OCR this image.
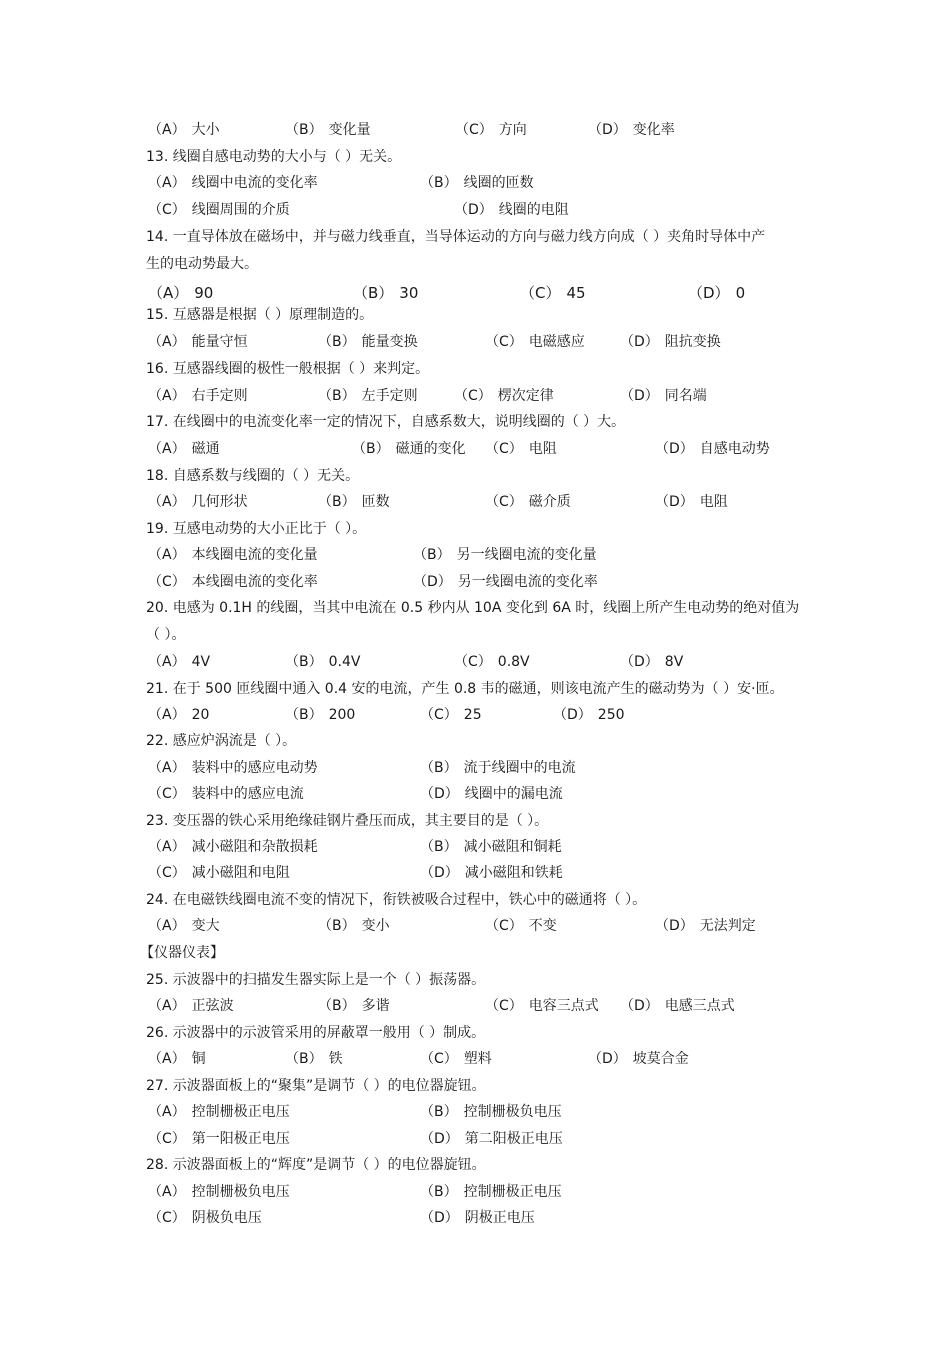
（A） 大小	（B） 变化量	（C） 方向	（D） 变化率
13. 线圈自感电动势的大小与（ ）无关。
（A） 线圈中电流的变化率	（B） 线圈的匝数
（C） 线圈周围的介质	（D） 线圈的电阻
14. 一直导体放在磁场中，并与磁力线垂直，当导体运动的方向与磁力线方向成（ ）夹角时导体中产
生的电动势最大。
（A） 90	（B） 30	（C） 45	（D） 0
15. 互感器是根据（ ）原理制造的。
（A） 能量守恒	（B） 能量变换	（C） 电磁感应	（D） 阻抗变换
16. 互感器线圈的极性一般根据（ ）来判定。
（A） 右手定则	（B） 左手定则	（C） 楞次定律	（D） 同名端
17. 在线圈中的电流变化率一定的情况下，自感系数大，说明线圈的（ ）大。
（A） 磁通	（B） 磁通的变化 （C） 电阻	（D） 自感电动势
18. 自感系数与线圈的（ ）无关。
（A） 几何形状	（B） 匝数	（C） 磁介质	（D） 电阻
19. 互感电动势的大小正比于（ ）。
（A） 本线圈电流的变化量	（B） 另一线圈电流的变化量
（C） 本线圈电流的变化率	（D） 另一线圈电流的变化率
20. 电感为 0.1H 的线圈，当其中电流在 0.5 秒内从 10A 变化到 6A 时，线圈上所产生电动势的绝对值为
（ ）。
（A） 4V	（B） 0.4V	（C） 0.8V	（D） 8V
21. 在于 500 匝线圈中通入 0.4 安的电流，产生 0.8 韦的磁通，则该电流产生的磁动势为（ ）安·匝。
（A） 20	（B） 200	（C） 25	（D） 250
22. 感应炉涡流是（ ）。
（A） 装料中的感应电动势	（B） 流于线圈中的电流
（C） 装料中的感应电流	（D） 线圈中的漏电流
23. 变压器的铁心采用绝缘硅钢片叠压而成，其主要目的是（ ）。
（A） 减小磁阻和杂散损耗	（B） 减小磁阻和铜耗
（C） 减小磁阻和电阻	（D） 减小磁阻和铁耗
24. 在电磁铁线圈电流不变的情况下，衔铁被吸合过程中，铁心中的磁通将（ ）。
（A） 变大	（B） 变小	（C） 不变	（D） 无法判定
【仪器仪表】
25. 示波器中的扫描发生器实际上是一个（ ）振荡器。
（A） 正弦波	（B） 多谐	（C） 电容三点式 （D） 电感三点式
26. 示波器中的示波管采用的屏蔽罩一般用（ ）制成。
（A） 铜	（B） 铁	（C） 塑料	（D） 坡莫合金
27. 示波器面板上的“聚集”是调节（ ）的电位器旋钮。
（A） 控制栅极正电压	（B） 控制栅极负电压
（C） 第一阳极正电压	（D） 第二阳极正电压
28. 示波器面板上的“辉度”是调节（ ）的电位器旋钮。
（A） 控制栅极负电压	（B） 控制栅极正电压
（C） 阴极负电压	（D） 阴极正电压
